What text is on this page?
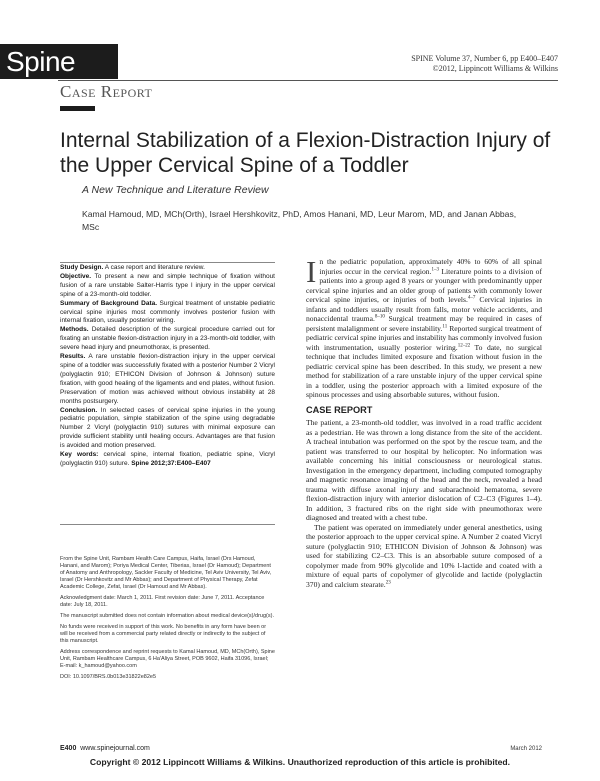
Spine	SPINE Volume 37, Number 6, pp E400–E407
©2012, Lippincott Williams & Wilkins
Case Report
Internal Stabilization of a Flexion-Distraction Injury of the Upper Cervical Spine of a Toddler
A New Technique and Literature Review
Kamal Hamoud, MD, MCh(Orth), Israel Hershkovitz, PhD, Amos Hanani, MD, Leur Marom, MD, and Janan Abbas, MSc

Study Design. A case report and literature review.

Objective. To present a new and simple technique of fixation without fusion of a rare unstable Salter-Harris type I injury in the upper cervical spine of a 23-month-old toddler.

Summary of Background Data. Surgical treatment of unstable pediatric cervical spine injuries most commonly involves posterior fusion with internal fixation, usually posterior wiring.

Methods. Detailed description of the surgical procedure carried out for fixating an unstable flexion-distraction injury in a 23-month-old toddler, with severe head injury and pneumothorax, is presented.

Results. A rare unstable flexion-distraction injury in the upper cervical spine of a toddler was successfully fixated with a posterior Number 2 Vicryl (polyglactin 910; ETHICON Division of Johnson & Johnson) suture fixation, with good healing of the ligaments and end plates, without fusion. Preservation of motion was achieved without obvious instability at 28 months postsurgery.

Conclusion. In selected cases of cervical spine injuries in the young pediatric population, simple stabilization of the spine using degradable Number 2 Vicryl (polyglactin 910) sutures with minimal exposure can provide sufficient stability until healing occurs. Advantages are that fusion is avoided and motion preserved.

Key words: cervical spine, internal fixation, pediatric spine, Vicryl (polyglactin 910) suture. Spine 2012;37:E400–E407

From the Spine Unit, Rambam Health Care Campus, Haifa, Israel (Drs Hamoud, Hanani, and Marom); Poriya Medical Center, Tiberias, Israel (Dr Hamoud); Department of Anatomy and Anthropology, Sackler Faculty of Medicine, Tel Aviv University, Tel Aviv, Israel (Dr Hershkovitz and Mr Abbas); and Department of Physical Therapy, Zefat Academic College, Zefat, Israel (Dr Hamoud and Mr Abbas).

Acknowledgment date: March 1, 2011. First revision date: June 7, 2011. Acceptance date: July 18, 2011.

The manuscript submitted does not contain information about medical device(s)/drug(s).

No funds were received in support of this work. No benefits in any form have been or will be received from a commercial party related directly or indirectly to the subject of this manuscript.

Address correspondence and reprint requests to Kamal Hamoud, MD, MCh(Orth), Spine Unit, Rambam Healthcare Campus, 6 Ha'Aliya Street, POB 9602, Haifa 31096, Israel; E-mail: k_hamoud@yahoo.com

DOI: 10.1097/BRS.0b013e31822e82e5

In the pediatric population, approximately 40% to 60% of all spinal injuries occur in the cervical region.$^{1-3}$ Literature points to a division of patients into a group aged 8 years or younger with predominantly upper cervical spine injuries and an older group of patients with commonly lower cervical spine injuries, or injuries of both levels.$^{4-7}$ Cervical injuries in infants and toddlers usually result from falls, motor vehicle accidents, and nonaccidental trauma.$^{8-10}$ Surgical treatment may be required in cases of persistent malalignment or severe instability.$^{11}$ Reported surgical treatment of pediatric cervical spine injuries and instability has commonly involved fusion with instrumentation, usually posterior wiring.$^{12-22}$ To date, no surgical technique that includes limited exposure and fixation without fusion in the pediatric cervical spine has been described. In this study, we present a new method for stabilization of a rare unstable injury of the upper cervical spine in a toddler, using the posterior approach with a limited exposure of the spinous processes and using absorbable sutures, without fusion.

CASE REPORT

The patient, a 23-month-old toddler, was involved in a road traffic accident as a pedestrian. He was thrown a long distance from the site of the accident. A tracheal intubation was performed on the spot by the rescue team, and the patient was transferred to our hospital by helicopter. No information was available concerning his initial consciousness or neurological status. Investigation in the emergency department, including computed tomography and magnetic resonance imaging of the head and the neck, revealed a head trauma with diffuse axonal injury and subarachnoid hematoma, severe flexion-distraction injury with anterior dislocation of C2–C3 (Figures 1–4). In addition, 3 fractured ribs on the right side with pneumothorax were diagnosed and treated with a chest tube.

The patient was operated on immediately under general anesthetics, using the posterior approach to the upper cervical spine. A Number 2 coated Vicryl suture (polyglactin 910; ETHICON Division of Johnson & Johnson) was used for stabilizing C2–C3. This is an absorbable suture composed of a copolymer made from 90% glycolide and 10% l-lactide and coated with a mixture of equal parts of copolymer of glycolide and lactide (polyglactin 370) and calcium stearate.$^{23}$

E400 www.spinejournal.com	March 2012
Copyright © 2012 Lippincott Williams & Wilkins. Unauthorized reproduction of this article is prohibited.
